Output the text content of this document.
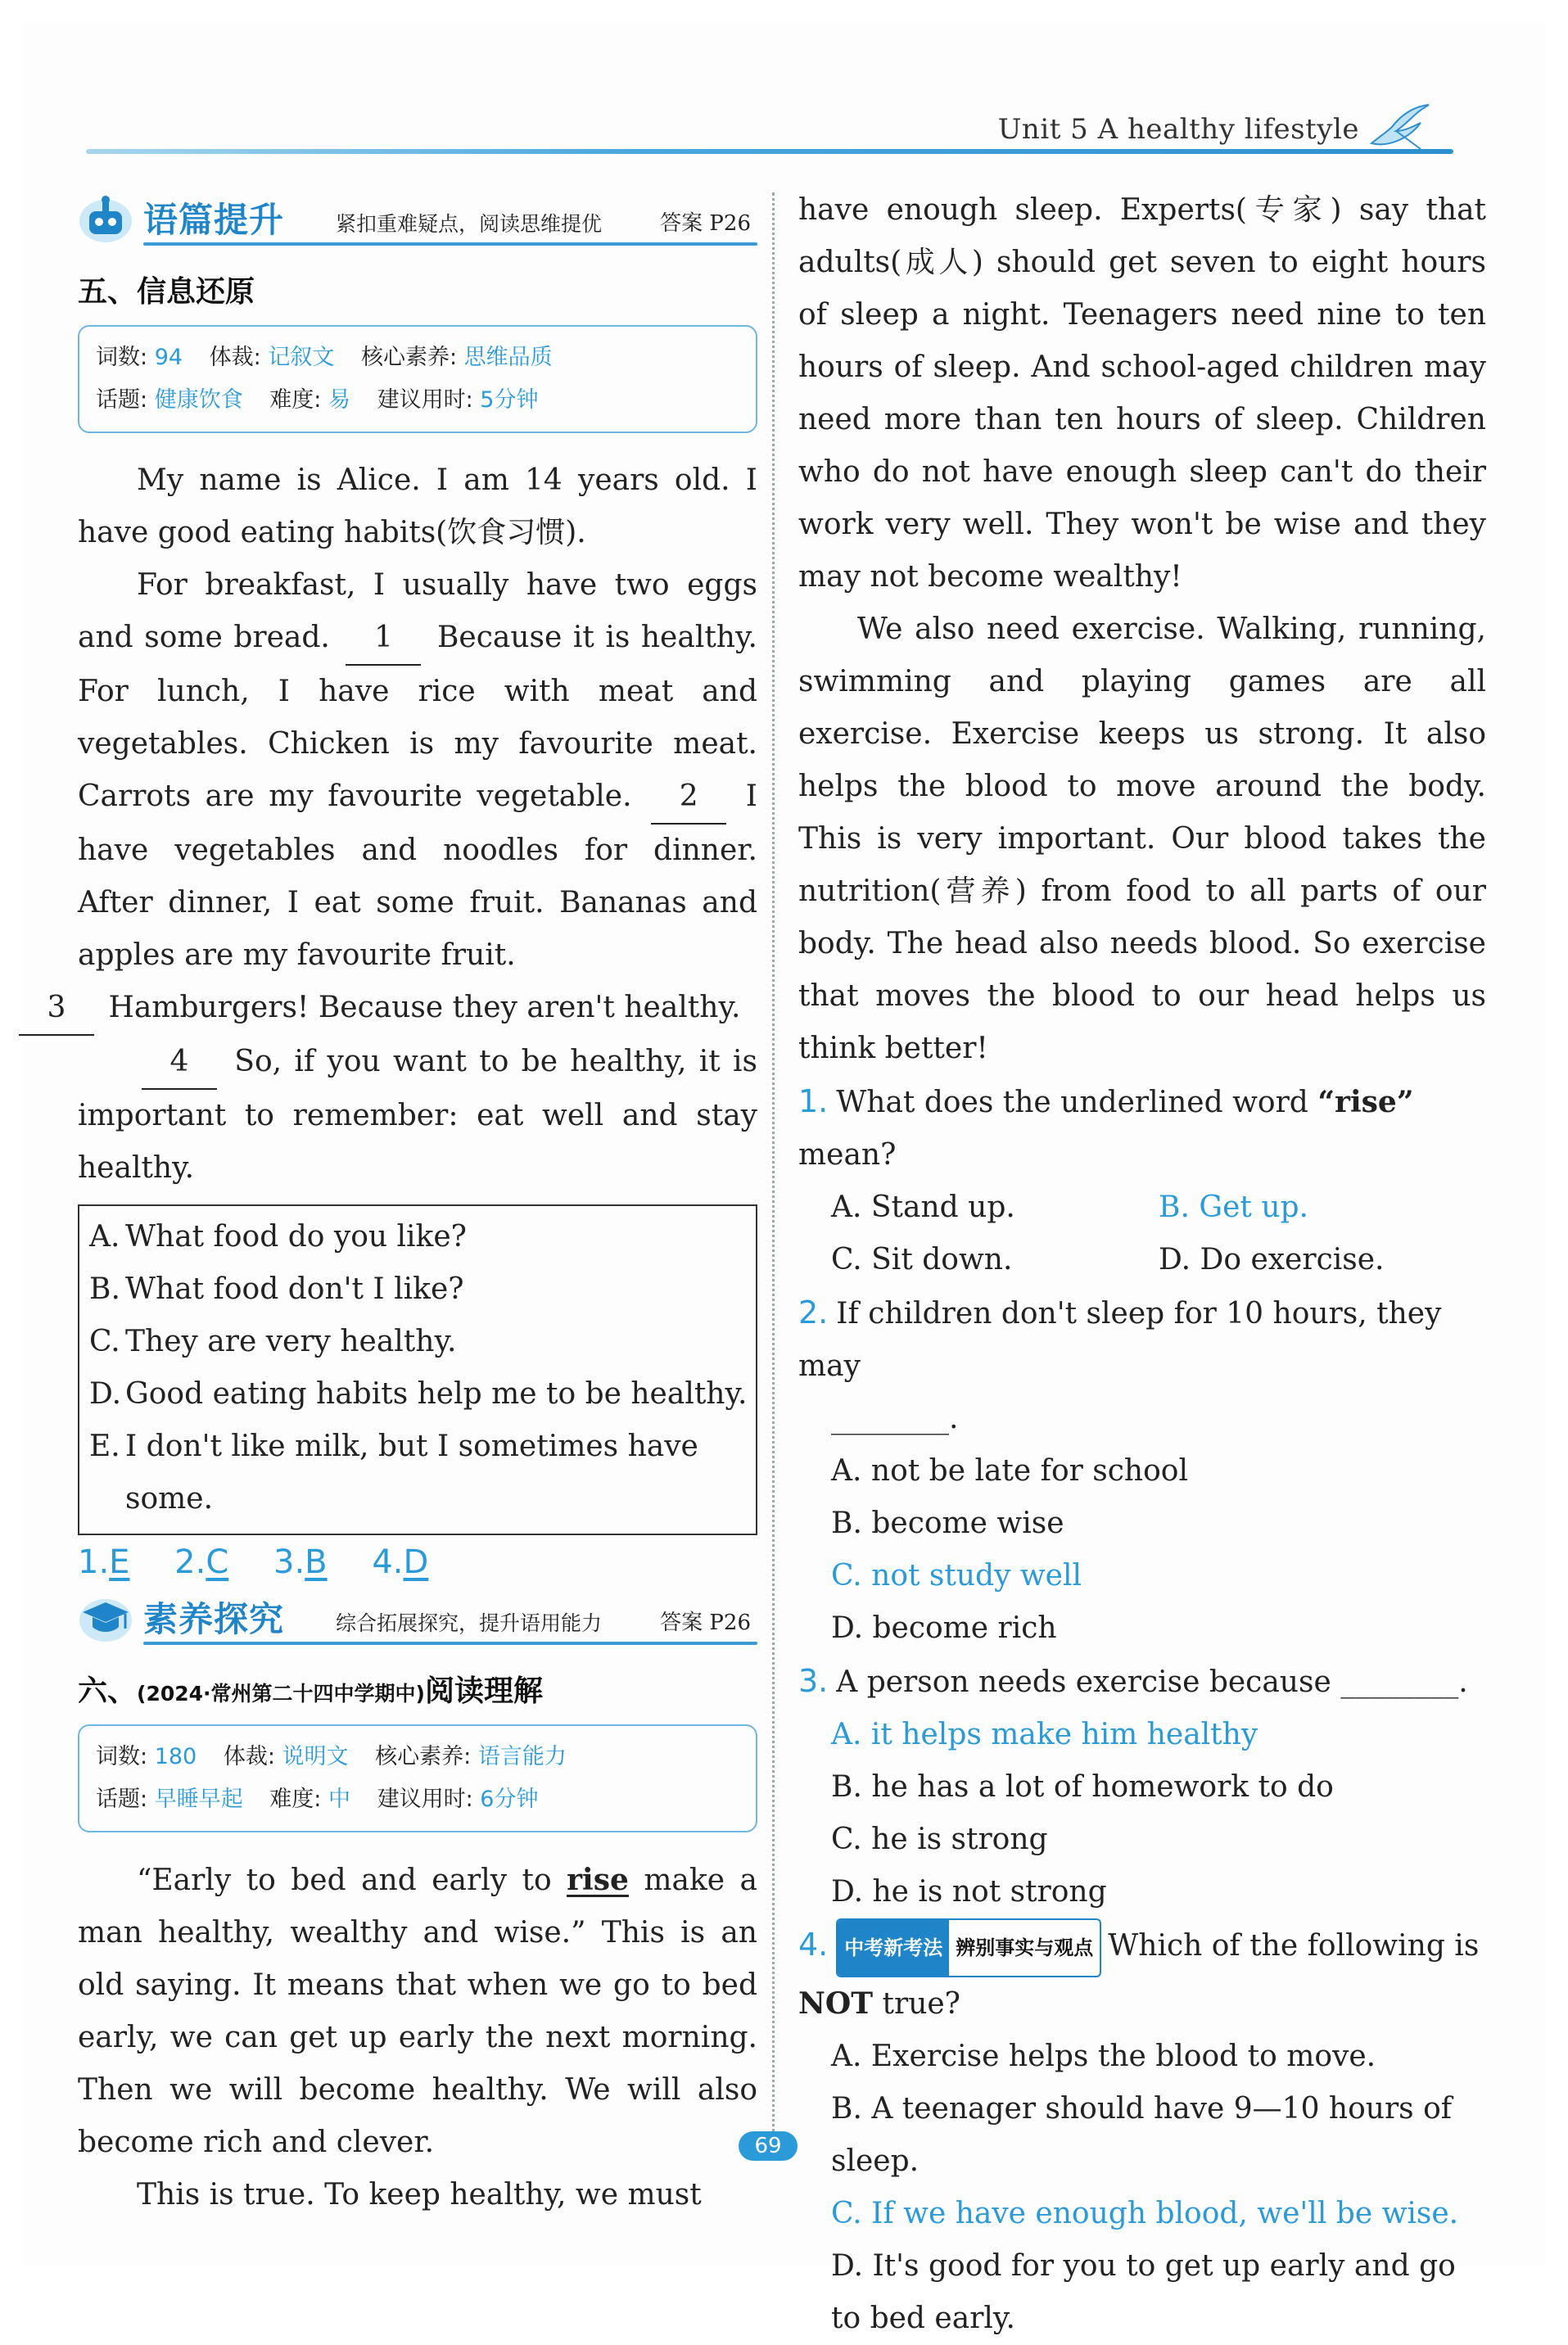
Unit 5 A healthy lifestyle
语篇提升	紧扣重难疑点，阅读思维提优	答案 P26
五、信息还原
词数: 94 体裁: 记叙文 核心素养: 思维品质
话题: 健康饮食 难度: 易 建议用时: 5分钟

My name is Alice. I am 14 years old. I have good eating habits(饮食习惯).

For breakfast, I usually have two eggs and some bread. 1 Because it is healthy. For lunch, I have rice with meat and vegetables. Chicken is my favourite meat. Carrots are my favourite vegetable. 2 I have vegetables and noodles for dinner. After dinner, I eat some fruit. Bananas and apples are my favourite fruit.
3 Hamburgers! Because they aren't healthy.

4 So, if you want to be healthy, it is important to remember: eat well and stay healthy.

A. What food do you like?
B. What food don't I like?
C. They are very healthy.
D. Good eating habits help me to be healthy.
E. I don't like milk, but I sometimes have some.
1.E 2.C 3.B 4.D
素养探究	综合拓展探究，提升语用能力	答案 P26
六、(2024·常州第二十四中学期中)阅读理解
词数: 180 体裁: 说明文 核心素养: 语言能力
话题: 早睡早起 难度: 中 建议用时: 6分钟

“Early to bed and early to rise make a man healthy, wealthy and wise.” This is an old saying. It means that when we go to bed early, we can get up early the next morning. Then we will become healthy. We will also become rich and clever.

This is true. To keep healthy, we must

have enough sleep. Experts(专家) say that adults(成人) should get seven to eight hours of sleep a night. Teenagers need nine to ten hours of sleep. And school-aged children may need more than ten hours of sleep. Children who do not have enough sleep can't do their work very well. They won't be wise and they may not become wealthy!

We also need exercise. Walking, running, swimming and playing games are all exercise. Exercise keeps us strong. It also helps the blood to move around the body. This is very important. Our blood takes the nutrition(营养) from food to all parts of our body. The head also needs blood. So exercise that moves the blood to our head helps us think better!

1. What does the underlined word “rise” mean?
A. Stand up.	B. Get up.
C. Sit down.	D. Do exercise.
2. If children don't sleep for 10 hours, they may
________.
A. not be late for school
B. become wise
C. not study well
D. become rich
3. A person needs exercise because ________.
A. it helps make him healthy
B. he has a lot of homework to do
C. he is strong
D. he is not strong
4. 中考新考法 辨别事实与观点 Which of the following is NOT true?
A. Exercise helps the blood to move.
B. A teenager should have 9—10 hours of sleep.
C. If we have enough blood, we'll be wise.
D. It's good for you to get up early and go to bed early.
69
